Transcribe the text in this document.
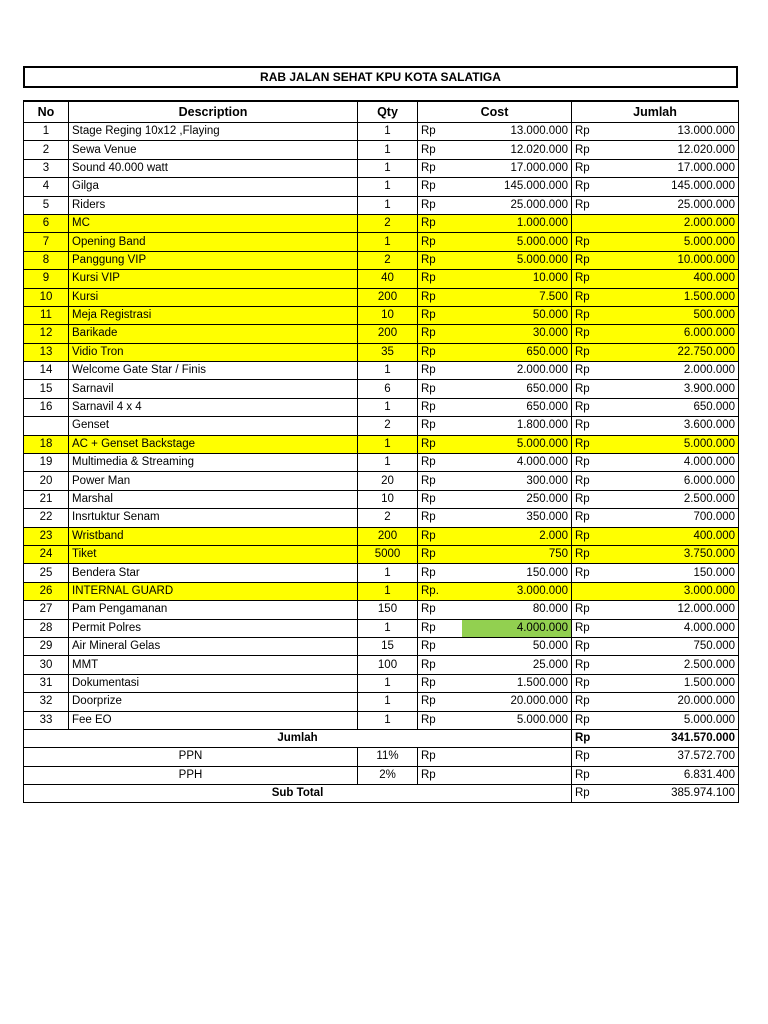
RAB JALAN SEHAT KPU KOTA SALATIGA
No	Description	Qty	Cost		Jumlah	
1	Stage Reging 10x12 ,Flaying	1	Rp	13.000.000	Rp	13.000.000
2	Sewa Venue	1	Rp	12.020.000	Rp	12.020.000
3	Sound 40.000 watt	1	Rp	17.000.000	Rp	17.000.000
4	Gilga	1	Rp	145.000.000	Rp	145.000.000
5	Riders	1	Rp	25.000.000	Rp	25.000.000
6	MC	2	Rp	1.000.000		2.000.000
7	Opening Band	1	Rp	5.000.000	Rp	5.000.000
8	Panggung VIP	2	Rp	5.000.000	Rp	10.000.000
9	Kursi VIP	40	Rp	10.000	Rp	400.000
10	Kursi	200	Rp	7.500	Rp	1.500.000
11	Meja Registrasi	10	Rp	50.000	Rp	500.000
12	Barikade	200	Rp	30.000	Rp	6.000.000
13	Vidio Tron	35	Rp	650.000	Rp	22.750.000
14	Welcome Gate Star / Finis	1	Rp	2.000.000	Rp	2.000.000
15	Sarnavil	6	Rp	650.000	Rp	3.900.000
16	Sarnavil 4 x 4	1	Rp	650.000	Rp	650.000
	Genset	2	Rp	1.800.000	Rp	3.600.000
18	AC + Genset Backstage	1	Rp	5.000.000	Rp	5.000.000
19	Multimedia & Streaming	1	Rp	4.000.000	Rp	4.000.000
20	Power Man	20	Rp	300.000	Rp	6.000.000
21	Marshal	10	Rp	250.000	Rp	2.500.000
22	Insrtuktur Senam	2	Rp	350.000	Rp	700.000
23	Wristband	200	Rp	2.000	Rp	400.000
24	Tiket	5000	Rp	750	Rp	3.750.000
25	Bendera Star	1	Rp	150.000	Rp	150.000
26	INTERNAL GUARD	1	Rp.	3.000.000		3.000.000
27	Pam Pengamanan	150	Rp	80.000	Rp	12.000.000
28	Permit Polres	1	Rp	4.000.000	Rp	4.000.000
29	Air Mineral Gelas	15	Rp	50.000	Rp	750.000
30	MMT	100	Rp	25.000	Rp	2.500.000
31	Dokumentasi	1	Rp	1.500.000	Rp	1.500.000
32	Doorprize	1	Rp	20.000.000	Rp	20.000.000
33	Fee EO	1	Rp	5.000.000	Rp	5.000.000
Jumlah					Rp	341.570.000
PPN		11%	Rp		Rp	37.572.700
PPH		2%	Rp		Rp	6.831.400
Sub Total					Rp	385.974.100
